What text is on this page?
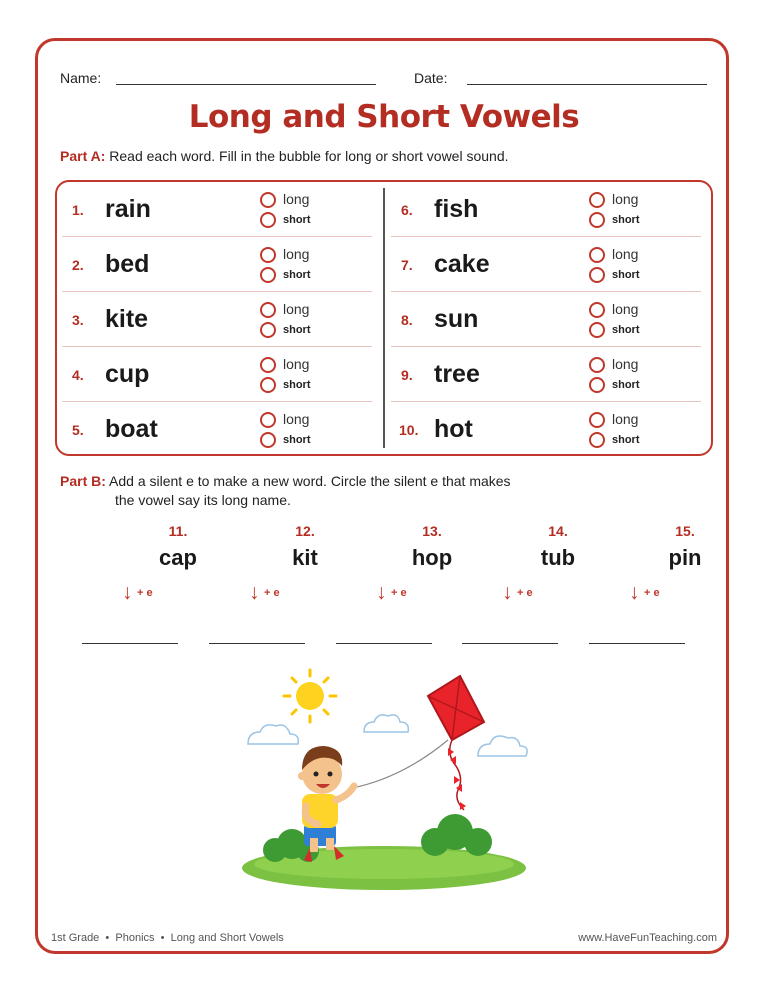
Name:	Date:
Long and Short Vowels
Part A: Read each word. Fill in the bubble for long or short vowel sound.
1. rain	long
short
2. bed	long
short
3. kite	long
short
4. cup	long
short
5. boat	long
short
6. fish	long
short
7. cake	long
short
8. sun	long
short
9. tree	long
short
10. hot	long
short
Part B: Add a silent e to make a new word. Circle the silent e that makes
the vowel say its long name.
11.
cap
↓ + e
12.
kit
↓ + e
13.
hop
↓ + e
14.
tub
↓ + e
15.
pin
↓ + e
1st Grade  •  Phonics  •  Long and Short Vowels	www.HaveFunTeaching.com
